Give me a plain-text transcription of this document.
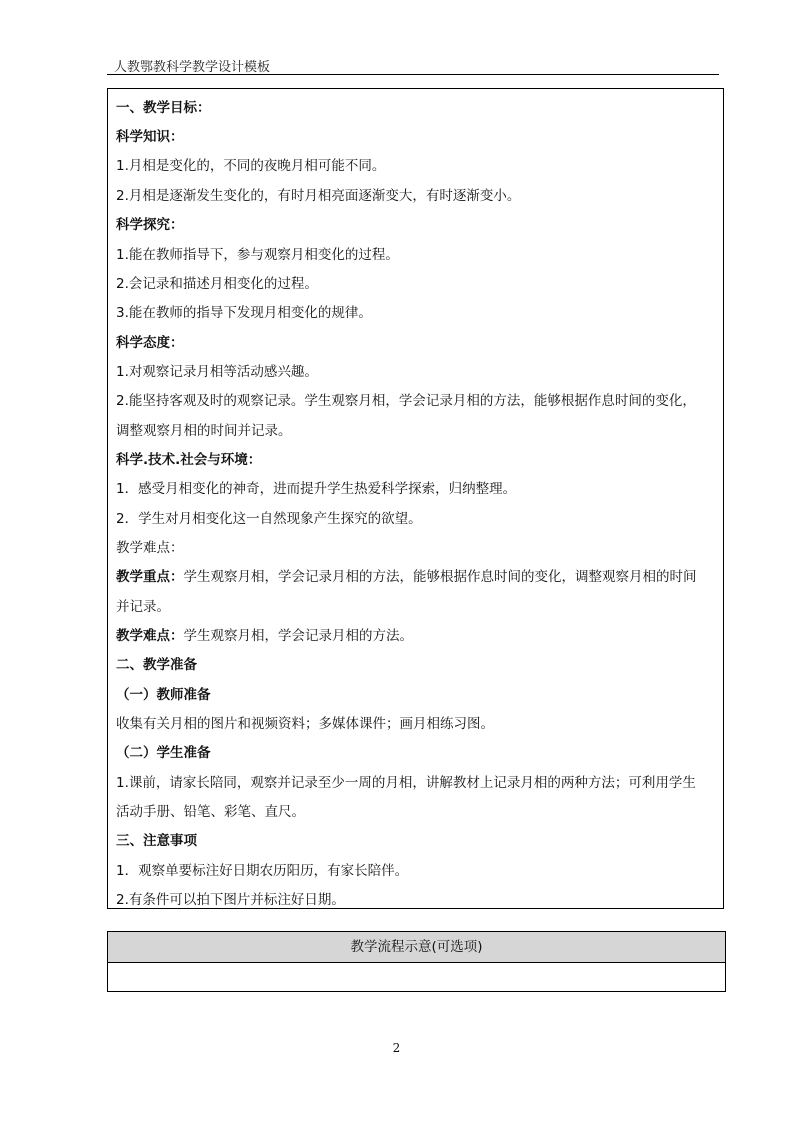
人教鄂教科学教学设计模板
一、教学目标：
科学知识：
1.月相是变化的，不同的夜晚月相可能不同。
2.月相是逐渐发生变化的，有时月相亮面逐渐变大，有时逐渐变小。
科学探究：
1.能在教师指导下，参与观察月相变化的过程。
2.会记录和描述月相变化的过程。
3.能在教师的指导下发现月相变化的规律。
科学态度：
1.对观察记录月相等活动感兴趣。
2.能坚持客观及时的观察记录。学生观察月相，学会记录月相的方法，能够根据作息时间的变化，
调整观察月相的时间并记录。
科学.技术.社会与环境：
1．感受月相变化的神奇，进而提升学生热爱科学探索，归纳整理。
2．学生对月相变化这一自然现象产生探究的欲望。
教学难点：
教学重点：学生观察月相，学会记录月相的方法，能够根据作息时间的变化，调整观察月相的时间
并记录。
教学难点：学生观察月相，学会记录月相的方法。
二、教学准备
（一）教师准备
收集有关月相的图片和视频资料；多媒体课件；画月相练习图。
（二）学生准备
1.课前，请家长陪同，观察并记录至少一周的月相，讲解教材上记录月相的两种方法；可利用学生
活动手册、铅笔、彩笔、直尺。
三、注意事项
1．观察单要标注好日期农历阳历，有家长陪伴。
2.有条件可以拍下图片并标注好日期。
教学流程示意(可选项)
2
